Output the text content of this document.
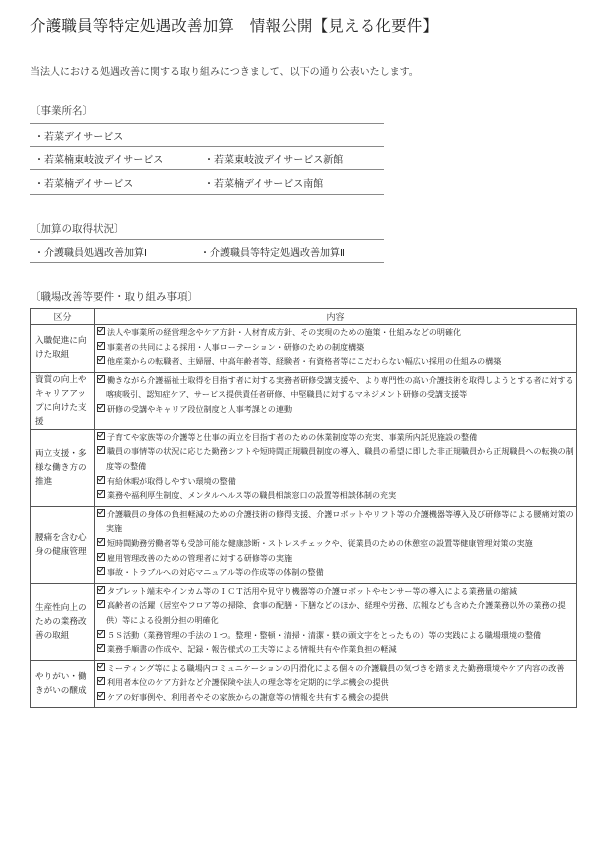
介護職員等特定処遇改善加算　情報公開【見える化要件】
当法人における処遇改善に関する取り組みにつきまして、以下の通り公表いたします。
〔事業所名〕
・若菜デイサービス
・若菜楠東岐波デイサービス	・若菜東岐波デイサービス新館
・若菜楠デイサービス	・若菜楠デイサービス南館
〔加算の取得状況〕
・介護職員処遇改善加算Ⅰ	・介護職員等特定処遇改善加算Ⅱ
〔職場改善等要件・取り組み事項〕
区分	内容
入職促進に向けた取組	法人や事業所の経営理念やケア方針・人材育成方針、その実現のための施策・仕組みなどの明確化
事業者の共同による採用・人事ローテーション・研修のための制度構築
他産業からの転職者、主婦層、中高年齢者等、経験者・有資格者等にこだわらない幅広い採用の仕組みの構築

資質の向上やキャリアアップに向けた支援	働きながら介護福祉士取得を目指す者に対する実務者研修受講支援や、より専門性の高い介護技術を取得しようとする者に対する喀痰吸引、認知症ケア、サービス提供責任者研修、中堅職員に対するマネジメント研修の受講支援等
研修の受講やキャリア段位制度と人事考課との連動

両立支援・多様な働き方の推進	子育てや家族等の介護等と仕事の両立を目指す者のための休業制度等の充実、事業所内託児施設の整備
職員の事情等の状況に応じた勤務シフトや短時間正規職員制度の導入、職員の希望に即した非正規職員から正規職員への転換の制度等の整備
有給休暇が取得しやすい環境の整備
業務や福利厚生制度、メンタルヘルス等の職員相談窓口の設置等相談体制の充実

腰痛を含む心身の健康管理	介護職員の身体の負担軽減のための介護技術の修得支援、介護ロボットやリフト等の介護機器等導入及び研修等による腰痛対策の実施
短時間勤務労働者等も受診可能な健康診断・ストレスチェックや、従業員のための休憩室の設置等健康管理対策の実施
雇用管理改善のための管理者に対する研修等の実施
事故・トラブルへの対応マニュアル等の作成等の体制の整備

生産性向上のための業務改善の取組	タブレット端末やインカム等のＩＣＴ活用や見守り機器等の介護ロボットやセンサー等の導入による業務量の縮減
高齢者の活躍（居室やフロア等の掃除、食事の配膳・下膳などのほか、経理や労務、広報なども含めた介護業務以外の業務の提供）等による役割分担の明確化
５Ｓ活動（業務管理の手法の１つ。整理・整頓・清掃・清潔・躾の頭文字をとったもの）等の実践による職場環境の整備
業務手順書の作成や、記録・報告様式の工夫等による情報共有や作業負担の軽減

やりがい・働きがいの醸成	ミーティング等による職場内コミュニケーションの円滑化による個々の介護職員の気づきを踏まえた勤務環境やケア内容の改善
利用者本位のケア方針など介護保険や法人の理念等を定期的に学ぶ機会の提供
ケアの好事例や、利用者やその家族からの謝意等の情報を共有する機会の提供
